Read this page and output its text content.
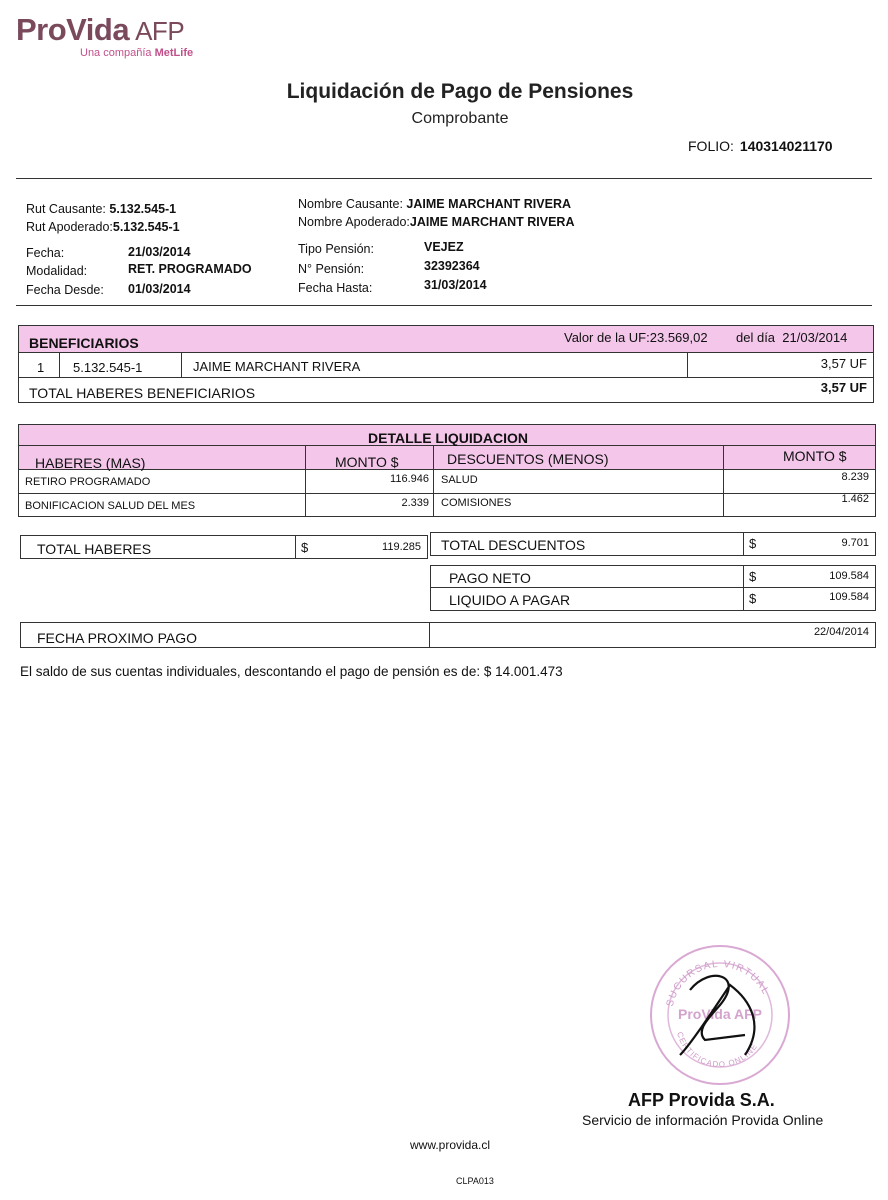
ProVida AFP
Una compañía MetLife
Liquidación de Pago de Pensiones
Comprobante
FOLIO: 140314021170
Rut Causante: 5.132.545-1
Rut Apoderado:5.132.545-1
Fecha:	21/03/2014
Modalidad:	RET. PROGRAMADO
Fecha Desde: 01/03/2014
Nombre Causante: JAIME MARCHANT RIVERA
Nombre Apoderado:JAIME MARCHANT RIVERA
Tipo Pensión:	VEJEZ
N° Pensión:	32392364
Fecha Hasta:	31/03/2014
BENEFICIARIOS	Valor de la UF:23.569,02 del día 21/03/2014
1 5.132.545-1	JAIME MARCHANT RIVERA	3,57 UF
TOTAL HABERES BENEFICIARIOS	3,57 UF
DETALLE LIQUIDACION
HABERES (MAS)	MONTO $	DESCUENTOS (MENOS)	MONTO $
RETIRO PROGRAMADO	116.946 SALUD	8.239
BONIFICACION SALUD DEL MES	2.339 COMISIONES	1.462
TOTAL HABERES	$	119.285 TOTAL DESCUENTOS	$	9.701
PAGO NETO	$	109.584
LIQUIDO A PAGAR	$	109.584
FECHA PROXIMO PAGO	22/04/2014
El saldo de sus cuentas individuales, descontando el pago de pensión es de: $ 14.001.473
SUCURSAL VIRTUAL
CERTIFICADO ONLINE
ProVida AFP
AFP Provida S.A.
Servicio de información Provida Online
www.provida.cl
CLPA013
